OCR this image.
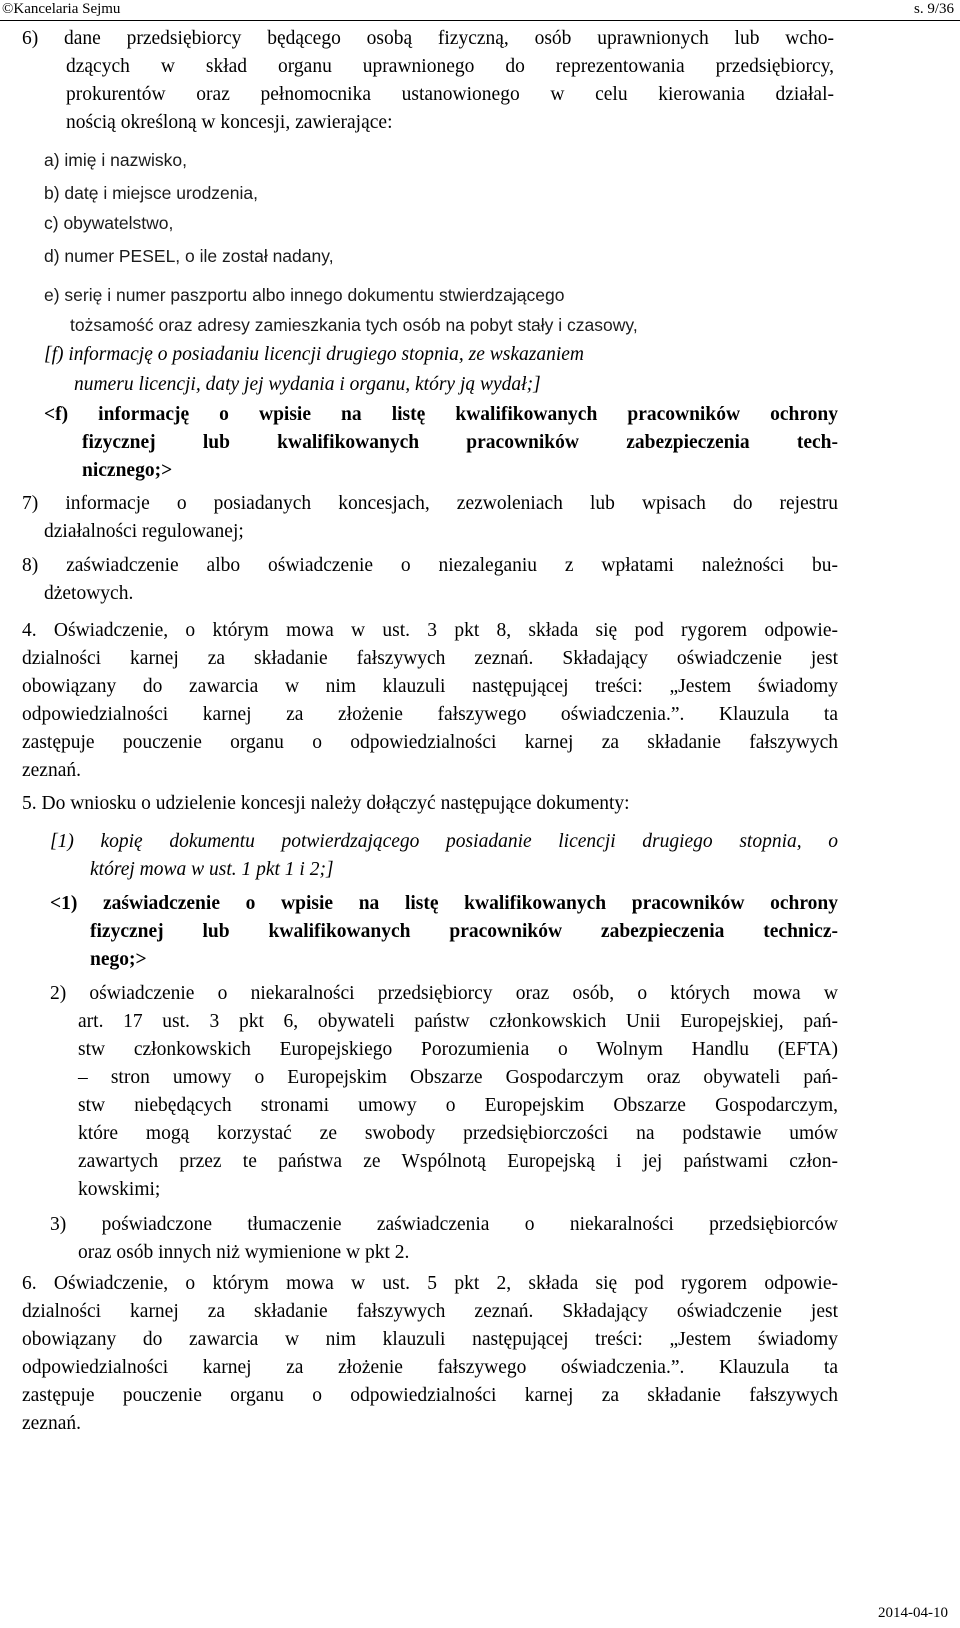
©Kancelaria Sejmu	s. 9/36
6) dane przedsiębiorcy będącego osobą fizyczną, osób uprawnionych lub wcho-
dzących w skład organu uprawnionego do reprezentowania przedsiębiorcy,
prokurentów oraz pełnomocnika ustanowionego w celu kierowania działal-
nością określoną w koncesji, zawierające:
a) imię i nazwisko,
b) datę i miejsce urodzenia,
c) obywatelstwo,
d) numer PESEL, o ile został nadany,
e) serię i numer paszportu albo innego dokumentu stwierdzającego
tożsamość oraz adresy zamieszkania tych osób na pobyt stały i czasowy,
[f) informację o posiadaniu licencji drugiego stopnia, ze wskazaniem
numeru licencji, daty jej wydania i organu, który ją wydał;]
<f) informację o wpisie na listę kwalifikowanych pracowników ochrony
fizycznej lub kwalifikowanych pracowników zabezpieczenia tech-
nicznego;>
7) informacje o posiadanych koncesjach, zezwoleniach lub wpisach do rejestru
działalności regulowanej;
8) zaświadczenie albo oświadczenie o niezaleganiu z wpłatami należności bu-
dżetowych.
4. Oświadczenie, o którym mowa w ust. 3 pkt 8, składa się pod rygorem odpowie-
dzialności karnej za składanie fałszywych zeznań. Składający oświadczenie jest
obowiązany do zawarcia w nim klauzuli następującej treści: „Jestem świadomy
odpowiedzialności karnej za złożenie fałszywego oświadczenia.”. Klauzula ta
zastępuje pouczenie organu o odpowiedzialności karnej za składanie fałszywych
zeznań.
5. Do wniosku o udzielenie koncesji należy dołączyć następujące dokumenty:
[1) kopię dokumentu potwierdzającego posiadanie licencji drugiego stopnia, o
której mowa w ust. 1 pkt 1 i 2;]
<1) zaświadczenie o wpisie na listę kwalifikowanych pracowników ochrony
fizycznej lub kwalifikowanych pracowników zabezpieczenia technicz-
nego;>
2) oświadczenie o niekaralności przedsiębiorcy oraz osób, o których mowa w
art. 17 ust. 3 pkt 6, obywateli państw członkowskich Unii Europejskiej, pań-
stw członkowskich Europejskiego Porozumienia o Wolnym Handlu (EFTA)
– stron umowy o Europejskim Obszarze Gospodarczym oraz obywateli pań-
stw niebędących stronami umowy o Europejskim Obszarze Gospodarczym,
które mogą korzystać ze swobody przedsiębiorczości na podstawie umów
zawartych przez te państwa ze Wspólnotą Europejską i jej państwami człon-
kowskimi;
3) poświadczone tłumaczenie zaświadczenia o niekaralności przedsiębiorców
oraz osób innych niż wymienione w pkt 2.
6. Oświadczenie, o którym mowa w ust. 5 pkt 2, składa się pod rygorem odpowie-
dzialności karnej za składanie fałszywych zeznań. Składający oświadczenie jest
obowiązany do zawarcia w nim klauzuli następującej treści: „Jestem świadomy
odpowiedzialności karnej za złożenie fałszywego oświadczenia.”. Klauzula ta
zastępuje pouczenie organu o odpowiedzialności karnej za składanie fałszywych
zeznań.
2014-04-10
